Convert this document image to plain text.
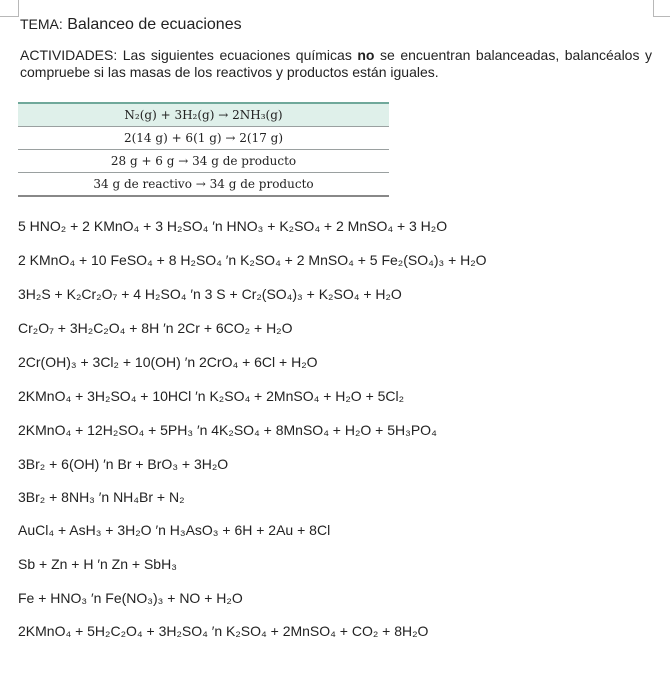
TEMA: Balanceo de ecuaciones
ACTIVIDADES: Las siguientes ecuaciones químicas no se encuentran balanceadas, balancéalos y compruebe si las masas de los reactivos y productos están iguales.
N₂(g) + 3H₂(g) → 2NH₃(g)
2(14 g) + 6(1 g) → 2(17 g)
28 g + 6 g → 34 g de producto
34 g de reactivo → 34 g de producto
5 HNO₂ + 2 KMnO₄ + 3 H₂SO₄ ′n HNO₃ + K₂SO₄ + 2 MnSO₄ + 3 H₂O
2 KMnO₄ + 10 FeSO₄ + 8 H₂SO₄ ′n K₂SO₄ + 2 MnSO₄ + 5 Fe₂(SO₄)₃ + H₂O
3H₂S + K₂Cr₂O₇ + 4 H₂SO₄ ′n 3 S + Cr₂(SO₄)₃ + K₂SO₄ + H₂O
Cr₂O₇ + 3H₂C₂O₄ + 8H ′n 2Cr + 6CO₂ + H₂O
2Cr(OH)₃ + 3Cl₂ + 10(OH) ′n 2CrO₄ + 6Cl + H₂O
2KMnO₄ + 3H₂SO₄ + 10HCl ′n K₂SO₄ + 2MnSO₄ + H₂O + 5Cl₂
2KMnO₄ + 12H₂SO₄ + 5PH₃ ′n 4K₂SO₄ + 8MnSO₄ + H₂O + 5H₃PO₄
3Br₂ + 6(OH) ′n Br + BrO₃ + 3H₂O
3Br₂ + 8NH₃ ′n NH₄Br + N₂
AuCl₄ + AsH₃ + 3H₂O ′n H₃AsO₃ + 6H + 2Au + 8Cl
Sb + Zn + H ′n Zn + SbH₃
Fe + HNO₃ ′n Fe(NO₃)₃ + NO + H₂O
2KMnO₄ + 5H₂C₂O₄ + 3H₂SO₄ ′n K₂SO₄ + 2MnSO₄ + CO₂ + 8H₂O
